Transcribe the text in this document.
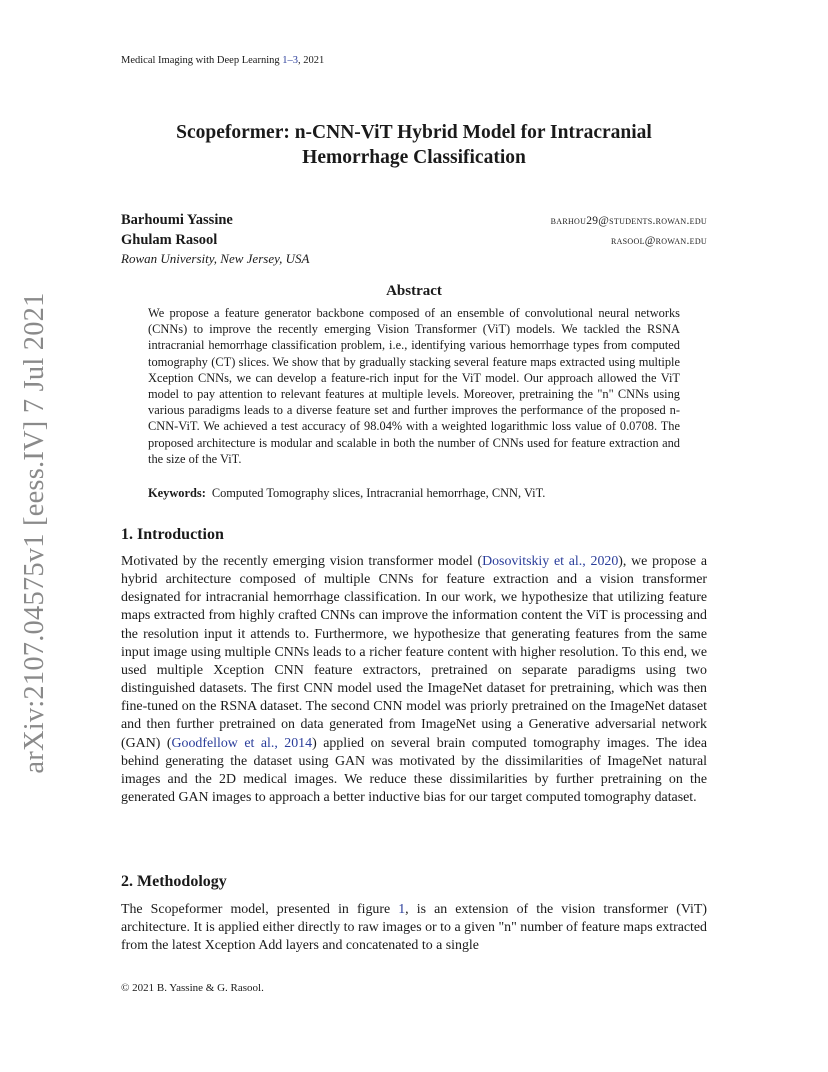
Medical Imaging with Deep Learning 1–3, 2021
arXiv:2107.04575v1 [eess.IV] 7 Jul 2021
Scopeformer: n-CNN-ViT Hybrid Model for Intracranial
Hemorrhage Classification
Barhoumi Yassine	barhou29@students.rowan.edu
Ghulam Rasool	rasool@rowan.edu
Rowan University, New Jersey, USA
Abstract
We propose a feature generator backbone composed of an ensemble of convolutional neural networks (CNNs) to improve the recently emerging Vision Transformer (ViT) models. We tackled the RSNA intracranial hemorrhage classification problem, i.e., identifying various hemorrhage types from computed tomography (CT) slices. We show that by gradually stacking several feature maps extracted using multiple Xception CNNs, we can develop a feature-rich input for the ViT model. Our approach allowed the ViT model to pay attention to relevant features at multiple levels. Moreover, pretraining the "n" CNNs using various paradigms leads to a diverse feature set and further improves the performance of the proposed n-CNN-ViT. We achieved a test accuracy of 98.04% with a weighted logarithmic loss value of 0.0708. The proposed architecture is modular and scalable in both the number of CNNs used for feature extraction and the size of the ViT.
Keywords: Computed Tomography slices, Intracranial hemorrhage, CNN, ViT.
1. Introduction
Motivated by the recently emerging vision transformer model (Dosovitskiy et al., 2020), we propose a hybrid architecture composed of multiple CNNs for feature extraction and a vision transformer designated for intracranial hemorrhage classification. In our work, we hypothesize that utilizing feature maps extracted from highly crafted CNNs can improve the information content the ViT is processing and the resolution input it attends to. Furthermore, we hypothesize that generating features from the same input image using multiple CNNs leads to a richer feature content with higher resolution. To this end, we used multiple Xception CNN feature extractors, pretrained on separate paradigms using two distinguished datasets. The first CNN model used the ImageNet dataset for pretraining, which was then fine-tuned on the RSNA dataset. The second CNN model was priorly pretrained on the ImageNet dataset and then further pretrained on data generated from ImageNet using a Generative adversarial network (GAN) (Goodfellow et al., 2014) applied on several brain computed tomography images. The idea behind generating the dataset using GAN was motivated by the dissimilarities of ImageNet natural images and the 2D medical images. We reduce these dissimilarities by further pretraining on the generated GAN images to approach a better inductive bias for our target computed tomography dataset.
2. Methodology
The Scopeformer model, presented in figure 1, is an extension of the vision transformer (ViT) architecture. It is applied either directly to raw images or to a given "n" number of feature maps extracted from the latest Xception Add layers and concatenated to a single
© 2021 B. Yassine & G. Rasool.
